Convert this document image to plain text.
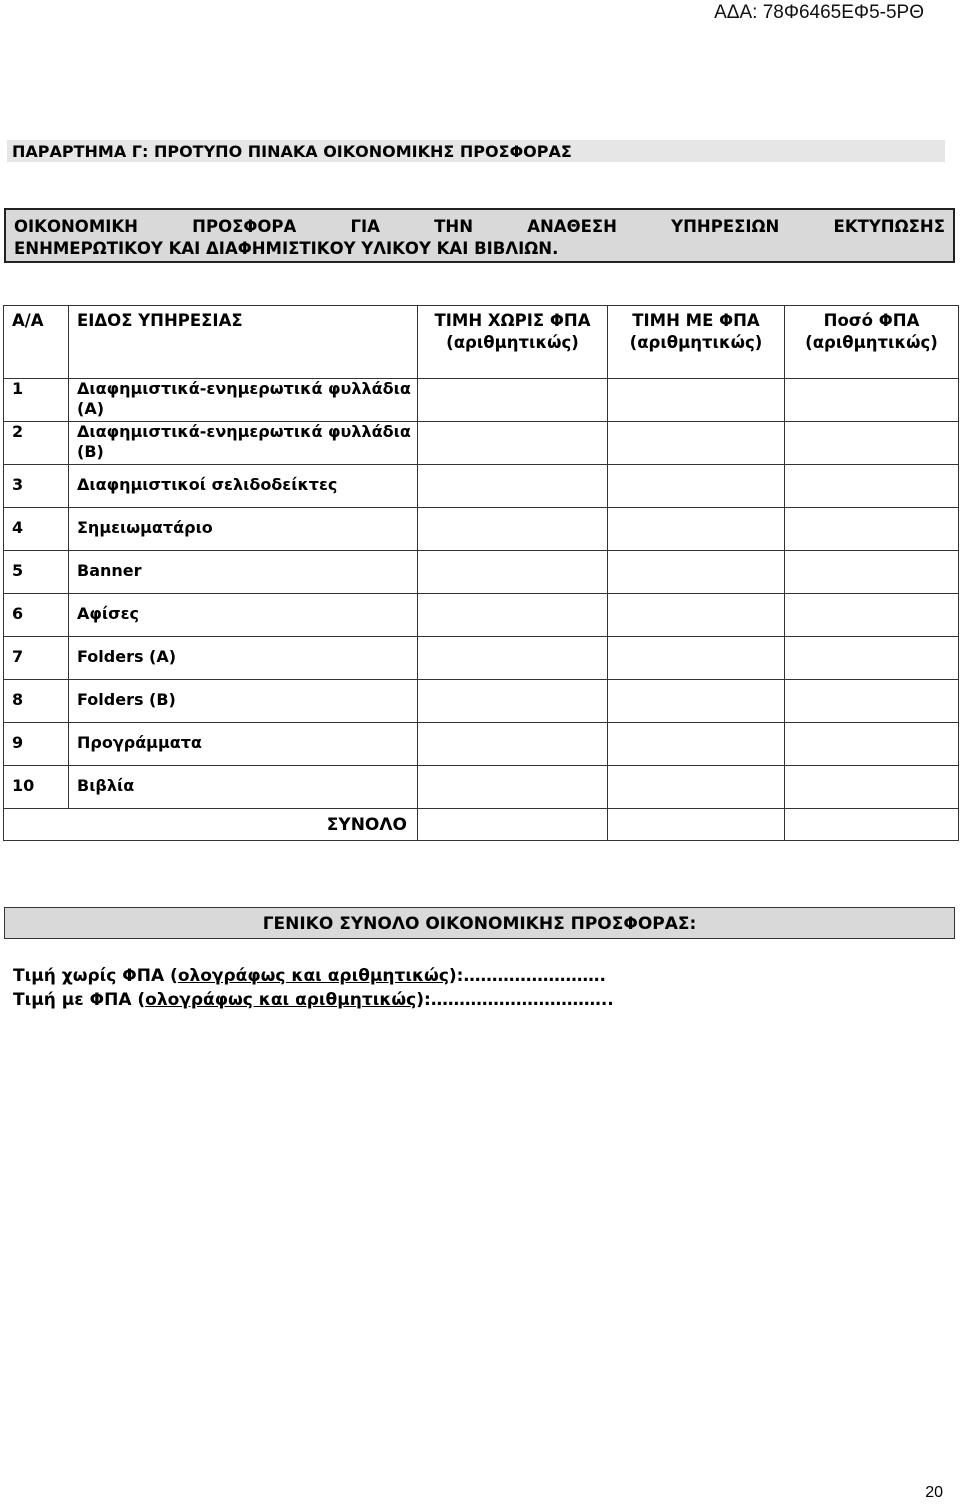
ΑΔΑ: 78Φ6465ΕΦ5-5ΡΘ
ΠΑΡΑΡΤΗΜΑ Γ: ΠΡΟΤΥΠΟ ΠΙΝΑΚΑ ΟΙΚΟΝΟΜΙΚΗΣ ΠΡΟΣΦΟΡΑΣ
ΟΙΚΟΝΟΜΙΚΗ	ΠΡΟΣΦΟΡΑ	ΓΙΑ	ΤΗΝ	ΑΝΑΘΕΣΗ	ΥΠΗΡΕΣΙΩΝ	ΕΚΤΥΠΩΣΗΣ
ΕΝΗΜΕΡΩΤΙΚΟΥ ΚΑΙ ΔΙΑΦΗΜΙΣΤΙΚΟΥ ΥΛΙΚΟΥ ΚΑΙ ΒΙΒΛΙΩΝ.
Α/Α	ΕΙΔΟΣ ΥΠΗΡΕΣΙΑΣ	ΤΙΜΗ ΧΩΡΙΣ ΦΠΑ (αριθμητικώς)	ΤΙΜΗ ΜΕ ΦΠΑ (αριθμητικώς)	Ποσό ΦΠΑ (αριθμητικώς)
1	Διαφημιστικά-ενημερωτικά φυλλάδια (Α)			
2	Διαφημιστικά-ενημερωτικά φυλλάδια (Β)			
3	Διαφημιστικοί σελιδοδείκτες			
4	Σημειωματάριο			
5	Banner			
6	Αφίσες			
7	Folders (A)			
8	Folders (B)			
9	Προγράμματα			
10	Βιβλία			
ΣΥΝΟΛΟ				
ΓΕΝΙΚΟ ΣΥΝΟΛΟ ΟΙΚΟΝΟΜΙΚΗΣ ΠΡΟΣΦΟΡΑΣ:
Τιμή χωρίς ΦΠΑ (ολογράφως και αριθμητικώς):…………………….
Τιμή με ΦΠΑ (ολογράφως και αριθμητικώς):…………………………..
20
